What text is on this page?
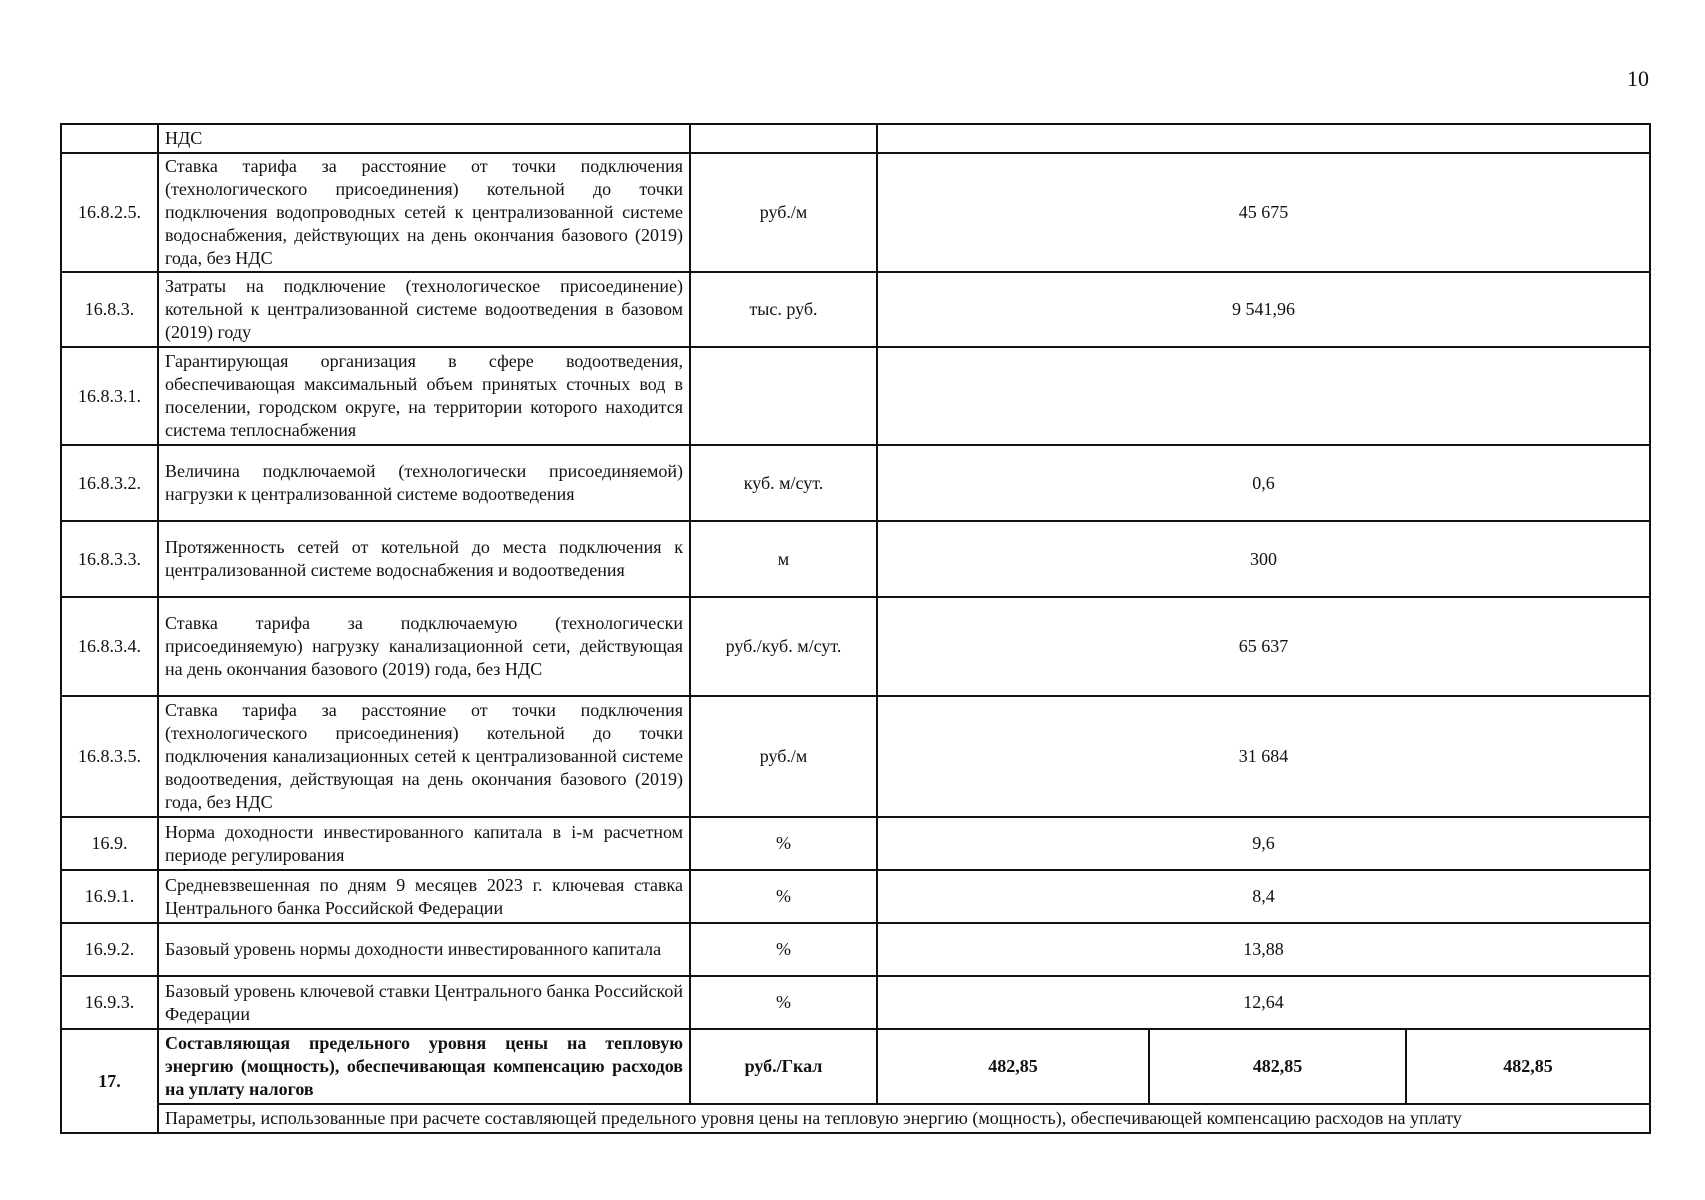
10
	НДС				
16.8.2.5.	Ставка тарифа за расстояние от точки подключения (технологического присоединения) котельной до точки подключения водопроводных сетей к централизованной системе водоснабжения, действующих на день окончания базового (2019) года, без НДС	руб./м	45 675		
16.8.3.	Затраты на подключение (технологическое присоединение) котельной к централизованной системе водоотведения в базовом (2019) году	тыс. руб.	9 541,96		
16.8.3.1.	Гарантирующая организация в сфере водоотведения, обеспечивающая максимальный объем принятых сточных вод в поселении, городском округе, на территории которого находится система теплоснабжения				
16.8.3.2.	Величина подключаемой (технологически присоединяемой) нагрузки к централизованной системе водоотведения	куб. м/сут.	0,6		
16.8.3.3.	Протяженность сетей от котельной до места подключения к централизованной системе водоснабжения и водоотведения	м	300		
16.8.3.4.	Ставка тарифа за подключаемую (технологически присоединяемую) нагрузку канализационной сети, действующая на день окончания базового (2019) года, без НДС	руб./куб. м/сут.	65 637		
16.8.3.5.	Ставка тарифа за расстояние от точки подключения (технологического присоединения) котельной до точки подключения канализационных сетей к централизованной системе водоотведения, действующая на день окончания базового (2019) года, без НДС	руб./м	31 684		
16.9.	Норма доходности инвестированного капитала в i-м расчетном периоде регулирования	%	9,6		
16.9.1.	Средневзвешенная по дням 9 месяцев 2023 г. ключевая ставка Центрального банка Российской Федерации	%	8,4		
16.9.2.	Базовый уровень нормы доходности инвестированного капитала	%	13,88		
16.9.3.	Базовый уровень ключевой ставки Центрального банка Российской Федерации	%	12,64		
17.	Составляющая предельного уровня цены на тепловую энергию (мощность), обеспечивающая компенсацию расходов на уплату налогов	руб./Гкал	482,85	482,85	482,85
	Параметры, использованные при расчете составляющей предельного уровня цены на тепловую энергию (мощность), обеспечивающей компенсацию расходов на уплату				
